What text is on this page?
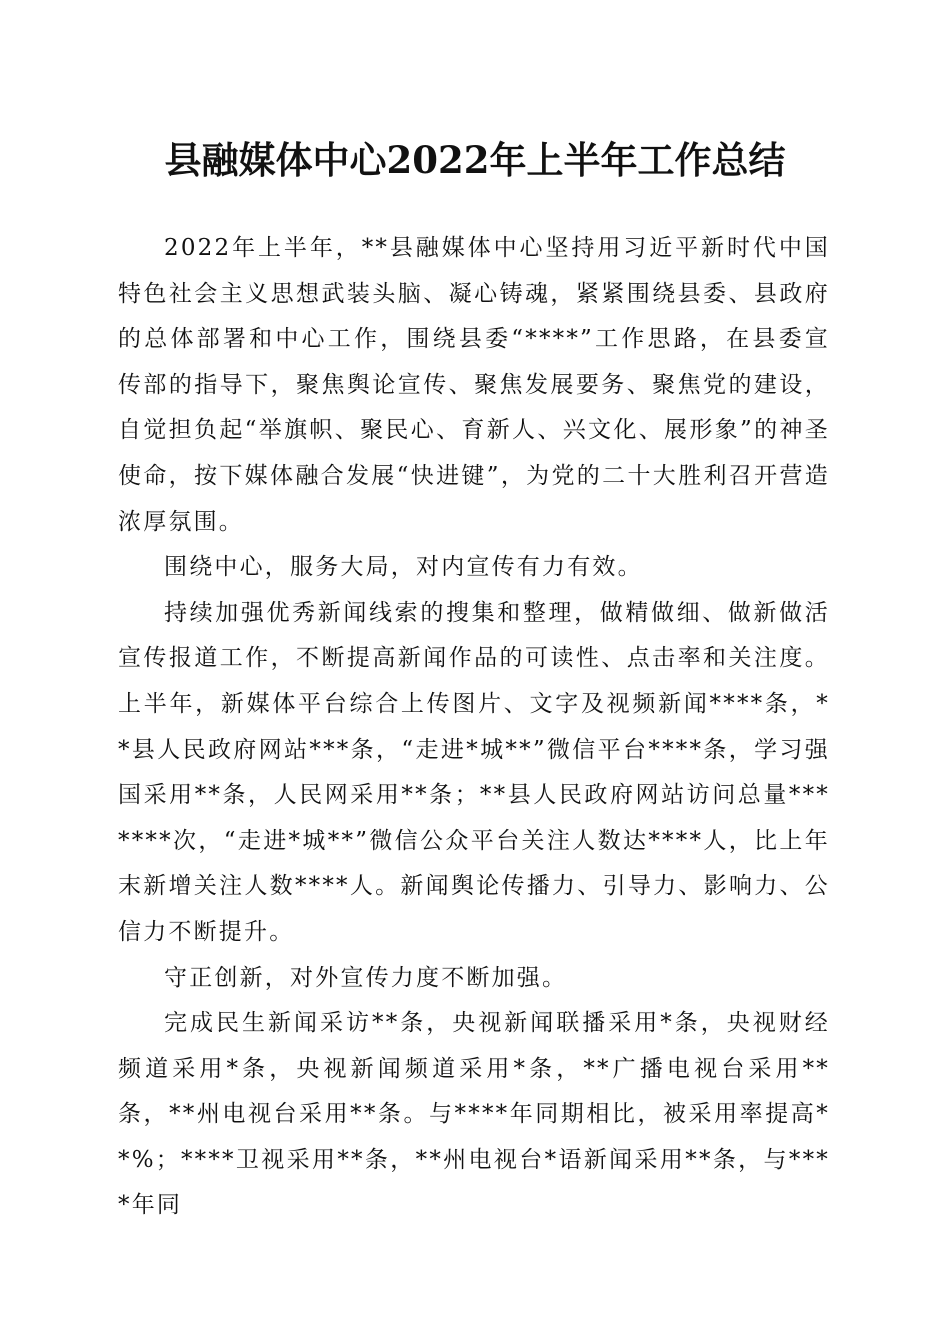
县融媒体中心2022年上半年工作总结

2022年上半年，**县融媒体中心坚持用习近平新时代中国特色社会主义思想武装头脑、凝心铸魂，紧紧围绕县委、县政府的总体部署和中心工作，围绕县委“****”工作思路，在县委宣传部的指导下，聚焦舆论宣传、聚焦发展要务、聚焦党的建设，自觉担负起“举旗帜、聚民心、育新人、兴文化、展形象”的神圣使命，按下媒体融合发展“快进键”，为党的二十大胜利召开营造浓厚氛围。

围绕中心，服务大局，对内宣传有力有效。

持续加强优秀新闻线索的搜集和整理，做精做细、做新做活宣传报道工作，不断提高新闻作品的可读性、点击率和关注度。上半年，新媒体平台综合上传图片、文字及视频新闻****条，**县人民政府网站***条，“走进*城**”微信平台****条，学习强国采用**条，人民网采用**条；**县人民政府网站访问总量*******次，“走进*城**”微信公众平台关注人数达****人，比上年末新增关注人数****人。新闻舆论传播力、引导力、影响力、公信力不断提升。

守正创新，对外宣传力度不断加强。

完成民生新闻采访**条，央视新闻联播采用*条，央视财经频道采用*条，央视新闻频道采用*条，**广播电视台采用**条，**州电视台采用**条。与****年同期相比，被采用率提高**%；****卫视采用**条，**州电视台*语新闻采用**条，与****年同
